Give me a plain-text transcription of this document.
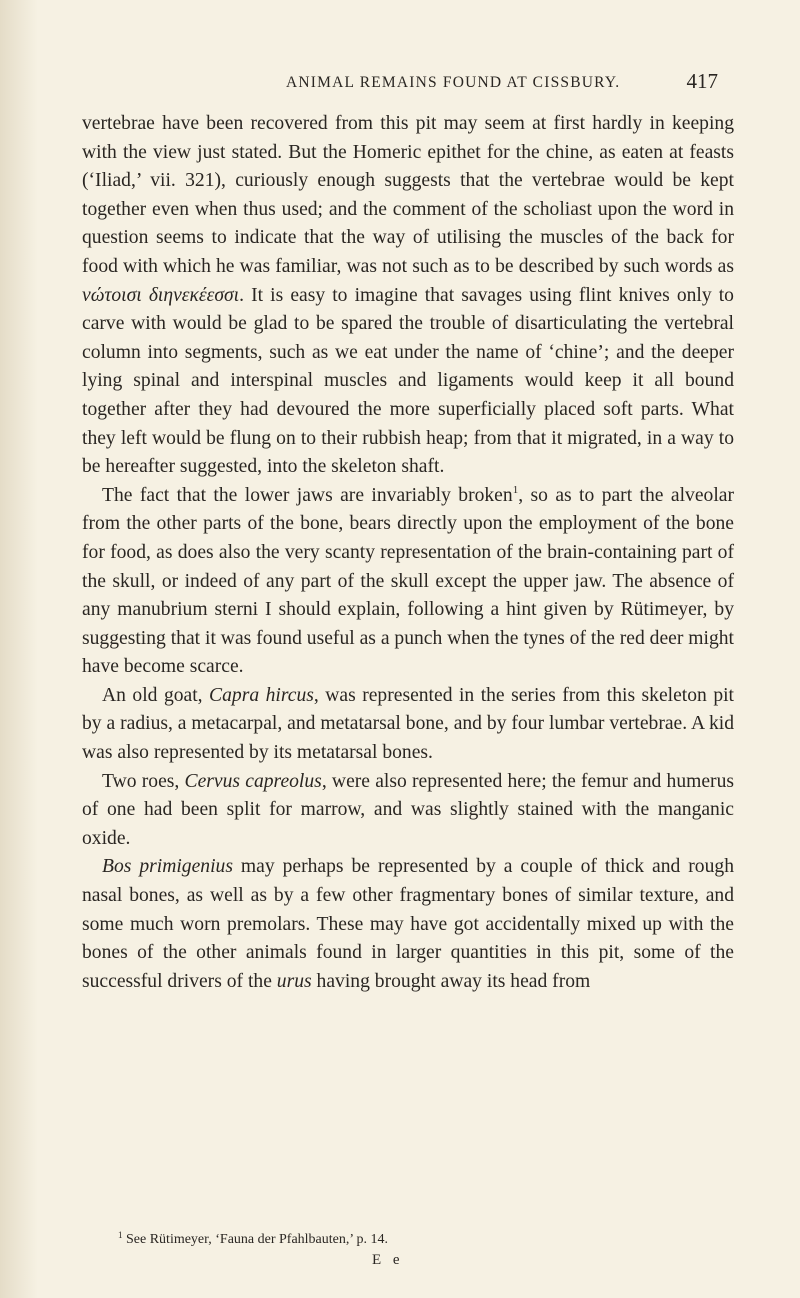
ANIMAL REMAINS FOUND AT CISSBURY.	417

vertebrae have been recovered from this pit may seem at first hardly in keeping with the view just stated. But the Homeric epithet for the chine, as eaten at feasts (‘Iliad,’ vii. 321), curiously enough suggests that the vertebrae would be kept together even when thus used; and the comment of the scholiast upon the word in question seems to indicate that the way of utilising the muscles of the back for food with which he was familiar, was not such as to be described by such words as νώτοισι διηνεκέεσσι. It is easy to imagine that savages using flint knives only to carve with would be glad to be spared the trouble of disarticulating the vertebral column into segments, such as we eat under the name of ‘chine’; and the deeper lying spinal and interspinal muscles and ligaments would keep it all bound together after they had devoured the more superficially placed soft parts. What they left would be flung on to their rubbish heap; from that it migrated, in a way to be hereafter suggested, into the skeleton shaft.

The fact that the lower jaws are invariably broken$^1$, so as to part the alveolar from the other parts of the bone, bears directly upon the employment of the bone for food, as does also the very scanty representation of the brain-containing part of the skull, or indeed of any part of the skull except the upper jaw. The absence of any manubrium sterni I should explain, following a hint given by Rütimeyer, by suggesting that it was found useful as a punch when the tynes of the red deer might have become scarce.

An old goat, Capra hircus, was represented in the series from this skeleton pit by a radius, a metacarpal, and metatarsal bone, and by four lumbar vertebrae. A kid was also represented by its metatarsal bones.

Two roes, Cervus capreolus, were also represented here; the femur and humerus of one had been split for marrow, and was slightly stained with the manganic oxide.

Bos primigenius may perhaps be represented by a couple of thick and rough nasal bones, as well as by a few other fragmentary bones of similar texture, and some much worn premolars. These may have got accidentally mixed up with the bones of the other animals found in larger quantities in this pit, some of the successful drivers of the urus having brought away its head from

$^1$ See Rütimeyer, ‘Fauna der Pfahlbauten,’ p. 14.
E e
